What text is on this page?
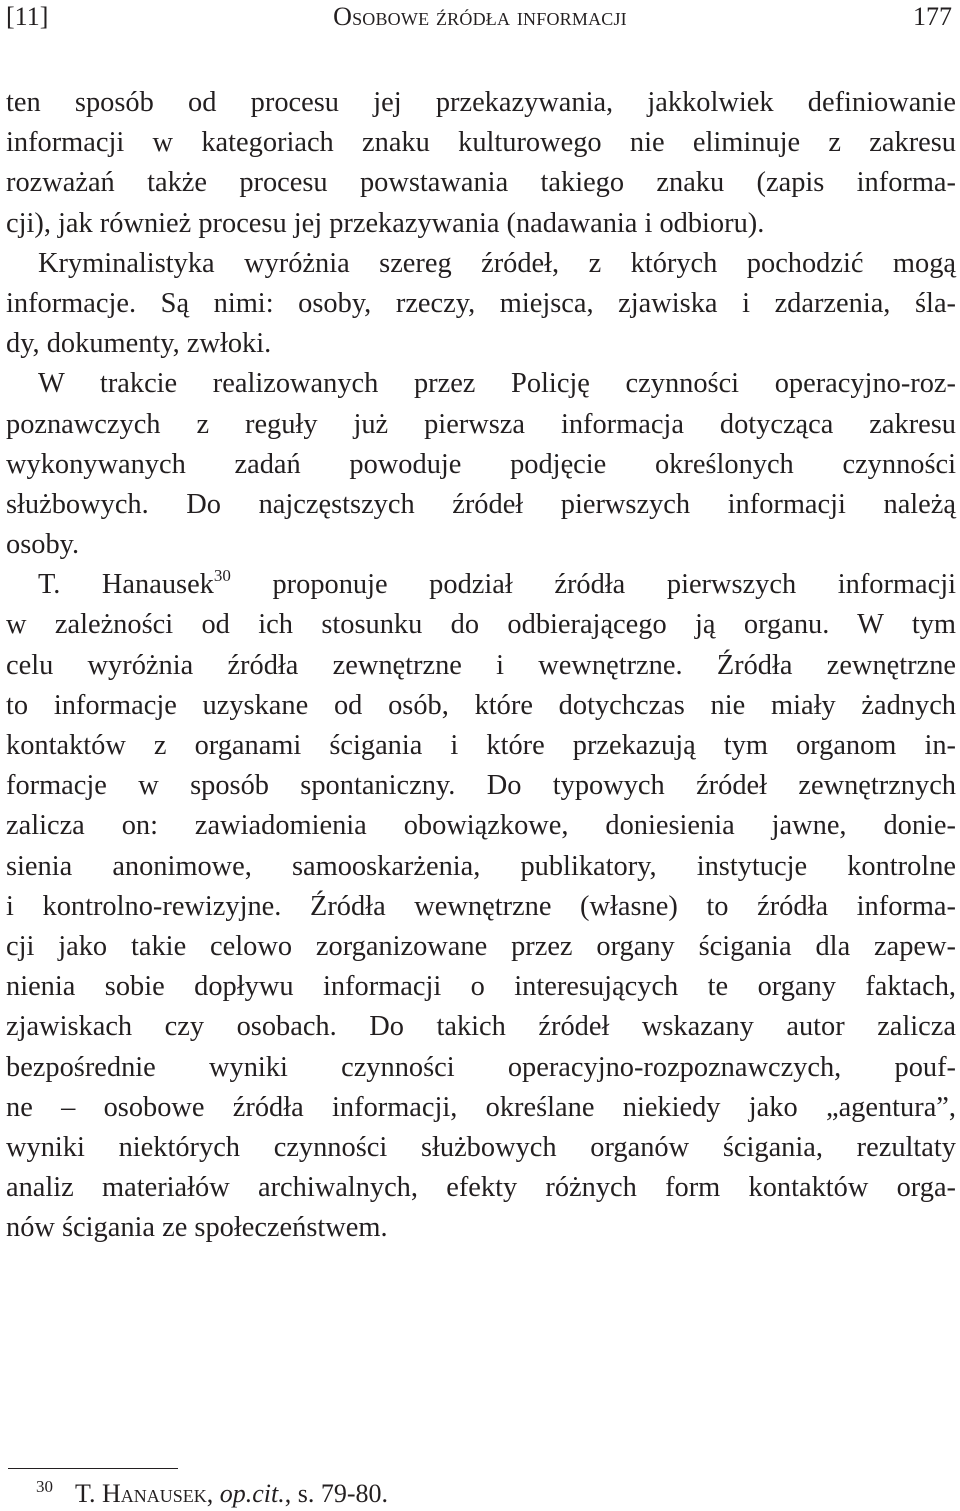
[11]	Osobowe źródła informacji	177
ten sposób od procesu jej przekazywania, jakkolwiek definiowanie
informacji w kategoriach znaku kulturowego nie eliminuje z zakresu
rozważań także procesu powstawania takiego znaku (zapis informa-
cji), jak również procesu jej przekazywania (nadawania i odbioru).
Kryminalistyka wyróżnia szereg źródeł, z których pochodzić mogą
informacje. Są nimi: osoby, rzeczy, miejsca, zjawiska i zdarzenia, śla-
dy, dokumenty, zwłoki.
W trakcie realizowanych przez Policję czynności operacyjno-roz-
poznawczych z reguły już pierwsza informacja dotycząca zakresu
wykonywanych zadań powoduje podjęcie określonych czynności
służbowych. Do najczęstszych źródeł pierwszych informacji należą
osoby.
T. Hanausek$^{30}$ proponuje podział źródła pierwszych informacji
w zależności od ich stosunku do odbierającego ją organu. W tym
celu wyróżnia źródła zewnętrzne i wewnętrzne. Źródła zewnętrzne
to informacje uzyskane od osób, które dotychczas nie miały żadnych
kontaktów z organami ścigania i które przekazują tym organom in-
formacje w sposób spontaniczny. Do typowych źródeł zewnętrznych
zalicza on: zawiadomienia obowiązkowe, doniesienia jawne, donie-
sienia anonimowe, samooskarżenia, publikatory, instytucje kontrolne
i kontrolno-rewizyjne. Źródła wewnętrzne (własne) to źródła informa-
cji jako takie celowo zorganizowane przez organy ścigania dla zapew-
nienia sobie dopływu informacji o interesujących te organy faktach,
zjawiskach czy osobach. Do takich źródeł wskazany autor zalicza
bezpośrednie wyniki czynności operacyjno-rozpoznawczych, pouf-
ne – osobowe źródła informacji, określane niekiedy jako „agentura”,
wyniki niektórych czynności służbowych organów ścigania, rezultaty
analiz materiałów archiwalnych, efekty różnych form kontaktów orga-
nów ścigania ze społeczeństwem.
$^{30}$ T. Hanausek, op.cit., s. 79-80.
